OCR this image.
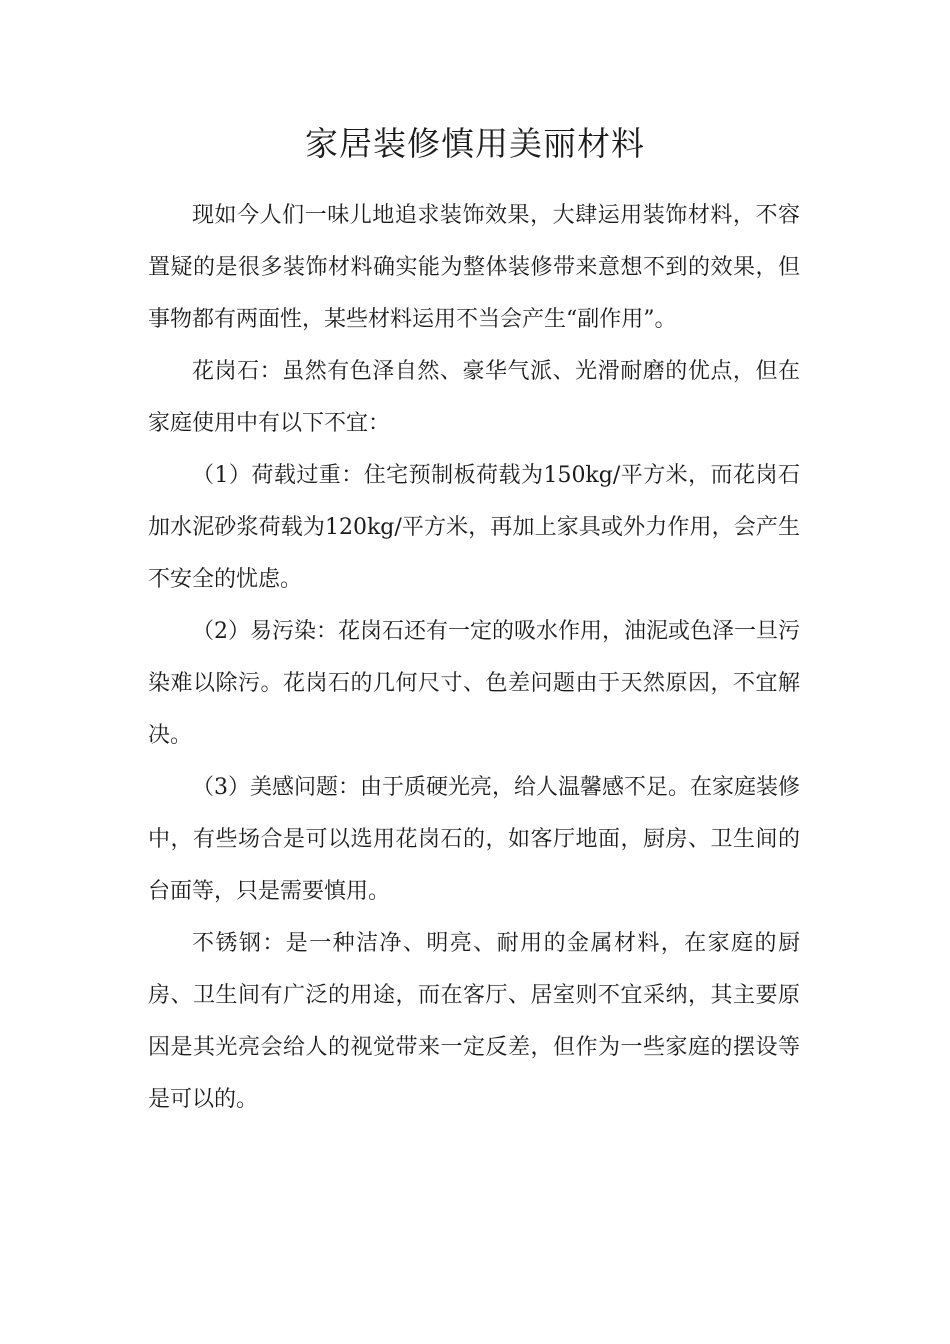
家居装修慎用美丽材料

现如今人们一味儿地追求装饰效果，大肆运用装饰材料，不容置疑的是很多装饰材料确实能为整体装修带来意想不到的效果，但事物都有两面性，某些材料运用不当会产生“副作用”。

花岗石：虽然有色泽自然、豪华气派、光滑耐磨的优点，但在家庭使用中有以下不宜：

（1）荷载过重：住宅预制板荷载为150kg/平方米，而花岗石加水泥砂浆荷载为120kg/平方米，再加上家具或外力作用，会产生不安全的忧虑。

（2）易污染：花岗石还有一定的吸水作用，油泥或色泽一旦污染难以除污。花岗石的几何尺寸、色差问题由于天然原因，不宜解决。

（3）美感问题：由于质硬光亮，给人温馨感不足。在家庭装修中，有些场合是可以选用花岗石的，如客厅地面，厨房、卫生间的台面等，只是需要慎用。

不锈钢：是一种洁净、明亮、耐用的金属材料，在家庭的厨房、卫生间有广泛的用途，而在客厅、居室则不宜采纳，其主要原因是其光亮会给人的视觉带来一定反差，但作为一些家庭的摆设等是可以的。
